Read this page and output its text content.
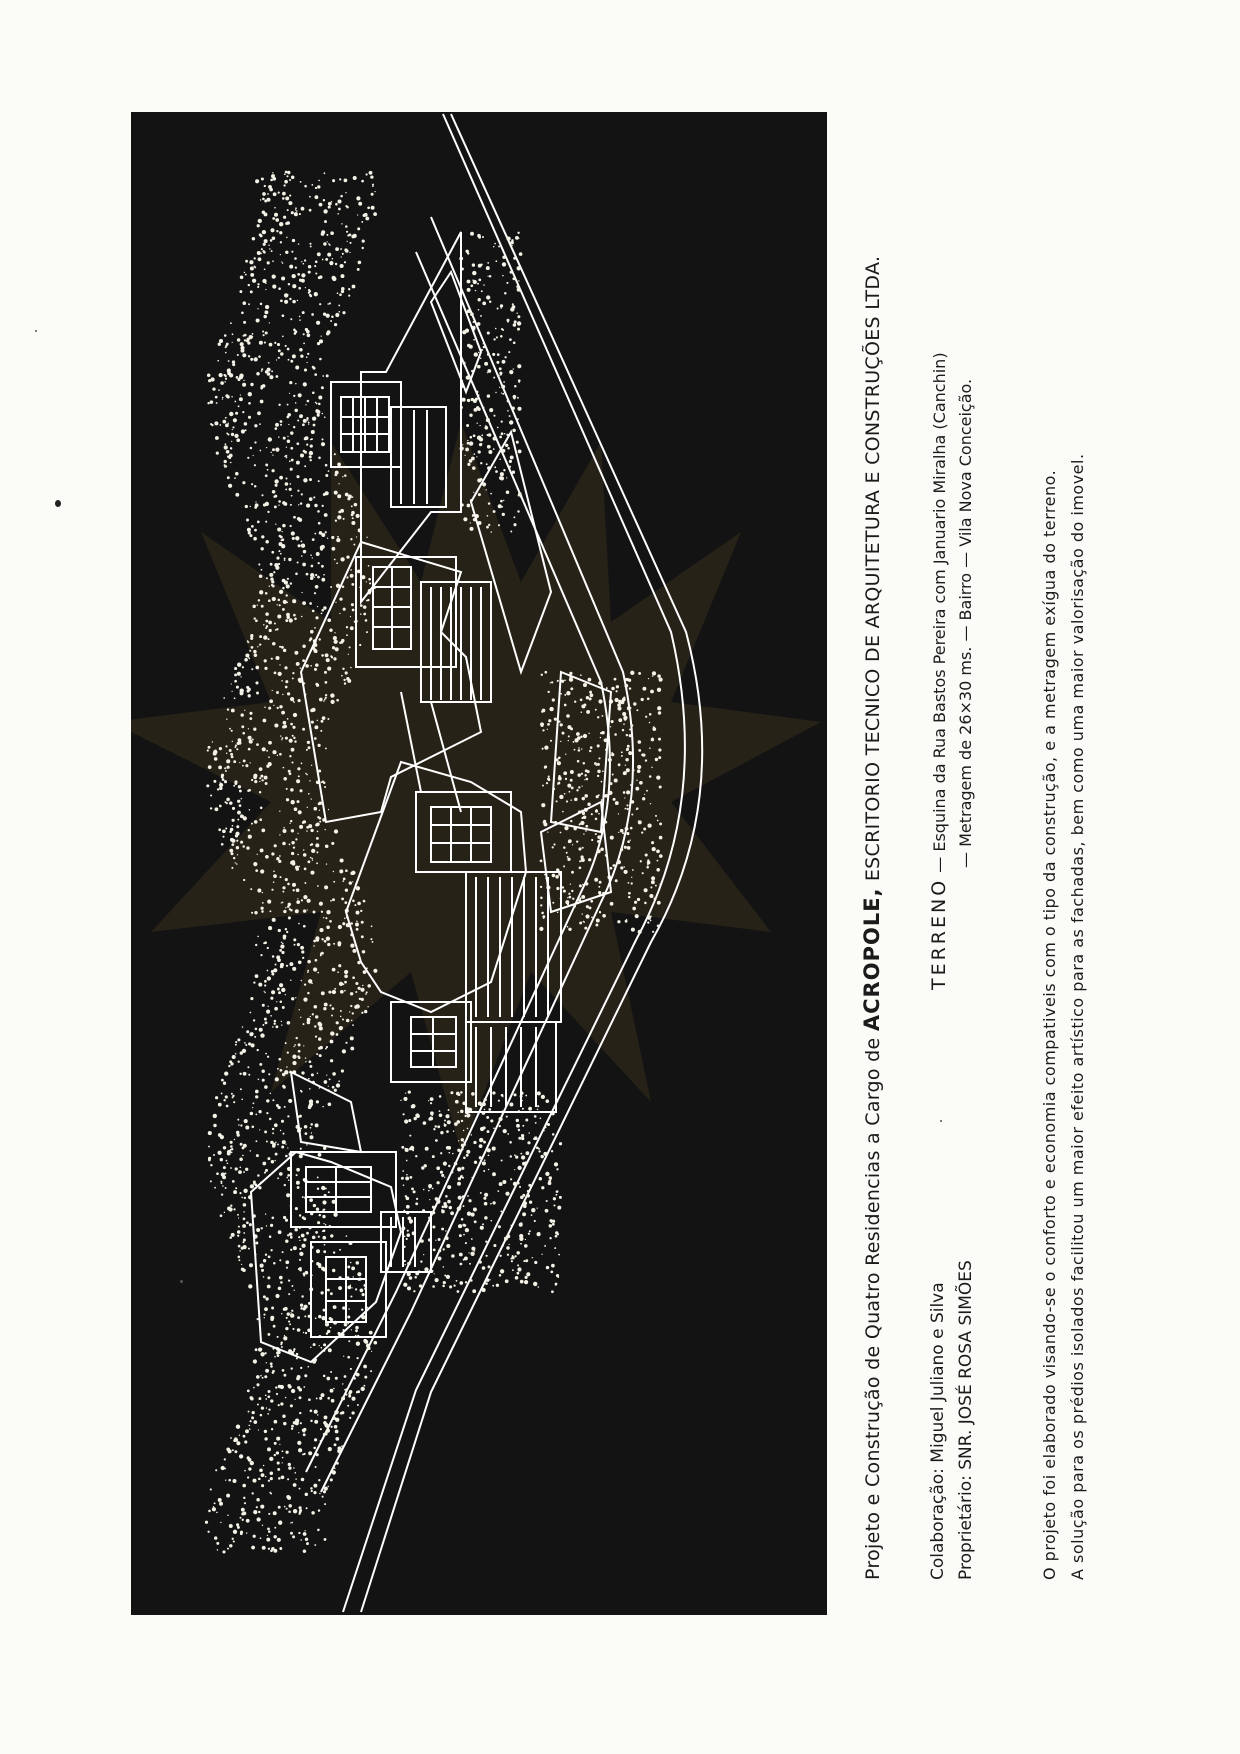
Projeto e Construção de Quatro Residencias a Cargo de ACROPOLE, ESCRITORIO TECNICO DE ARQUITETURA E CONSTRUÇÕES LTDA.
Colaboração: Miguel Juliano e Silva Proprietário: SNR. JOSÉ ROSA SIMÕES
TERRENO — Esquina da Rua Bastos Pereira com Januario Miralha (Canchin) — Metragem de 26×30 ms. — Bairro — Vila Nova Conceição.	O projeto foi elaborado visando-se o conforto e economia compativeis com o tipo da construção, e a metragem exígua do terreno. A solução para os prédios isolados facilitou um maior efeito artístico para as fachadas, bem como uma maior valorisação do imovel.
